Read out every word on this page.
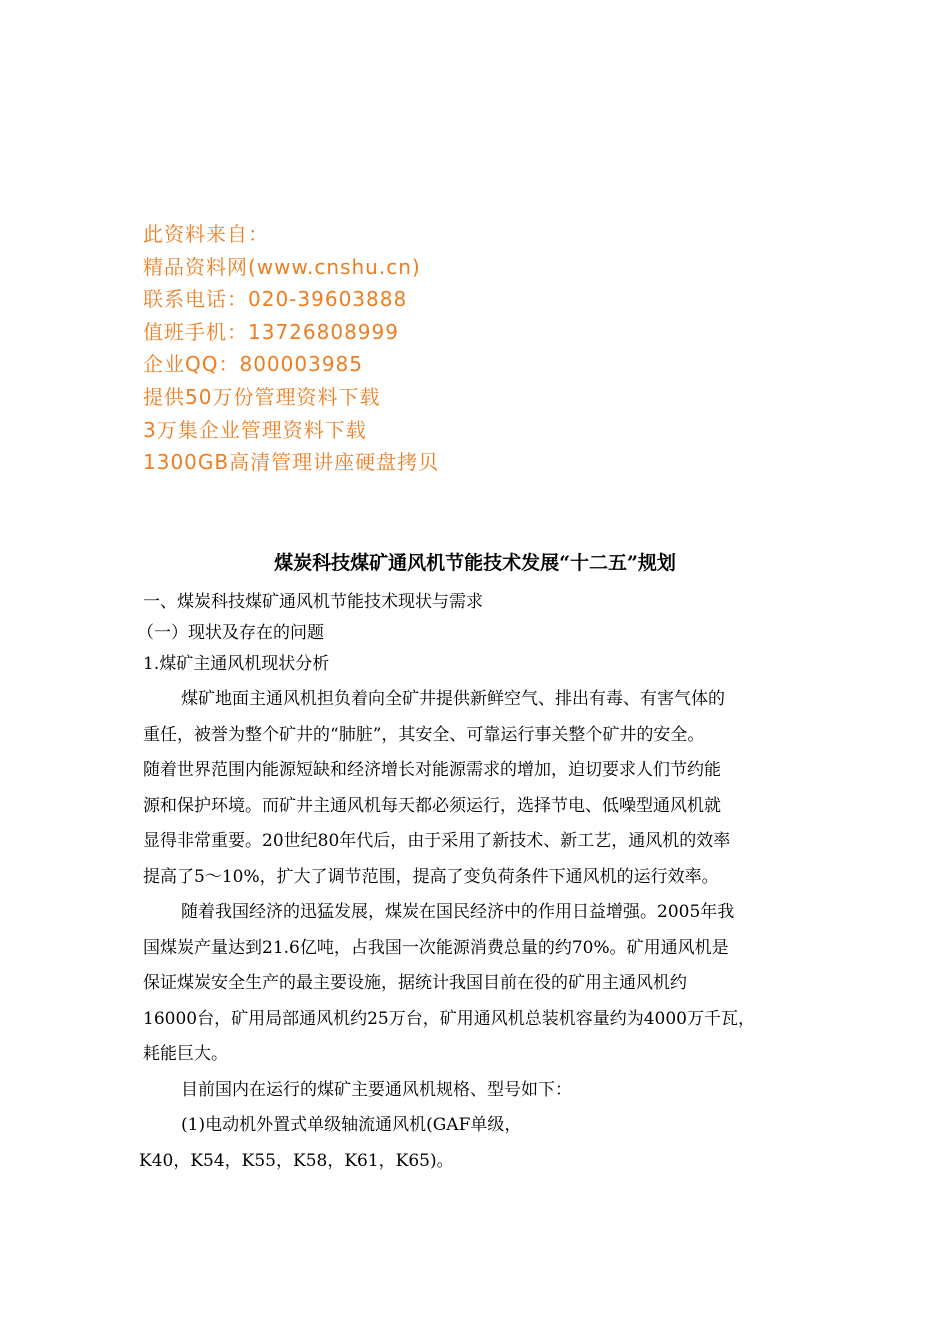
此资料来自：
精品资料网(www.cnshu.cn)
联系电话：020-39603888
值班手机：13726808999
企业QQ：800003985
提供50万份管理资料下载
3万集企业管理资料下载
1300GB高清管理讲座硬盘拷贝
煤炭科技煤矿通风机节能技术发展“十二五”规划
一、煤炭科技煤矿通风机节能技术现状与需求
（一）现状及存在的问题
1.煤矿主通风机现状分析
煤矿地面主通风机担负着向全矿井提供新鲜空气、排出有毒、有害气体的
重任，被誉为整个矿井的“肺脏”，其安全、可靠运行事关整个矿井的安全。
随着世界范围内能源短缺和经济增长对能源需求的增加，迫切要求人们节约能
源和保护环境。而矿井主通风机每天都必须运行，选择节电、低噪型通风机就
显得非常重要。20世纪80年代后，由于采用了新技术、新工艺，通风机的效率
提高了5～10%，扩大了调节范围，提高了变负荷条件下通风机的运行效率。
随着我国经济的迅猛发展，煤炭在国民经济中的作用日益增强。2005年我
国煤炭产量达到21.6亿吨，占我国一次能源消费总量的约70%。矿用通风机是
保证煤炭安全生产的最主要设施，据统计我国目前在役的矿用主通风机约
16000台，矿用局部通风机约25万台，矿用通风机总装机容量约为4000万千瓦，
耗能巨大。
目前国内在运行的煤矿主要通风机规格、型号如下：
(1)电动机外置式单级轴流通风机(GAF单级，
K40，K54，K55，K58，K61，K65)。
